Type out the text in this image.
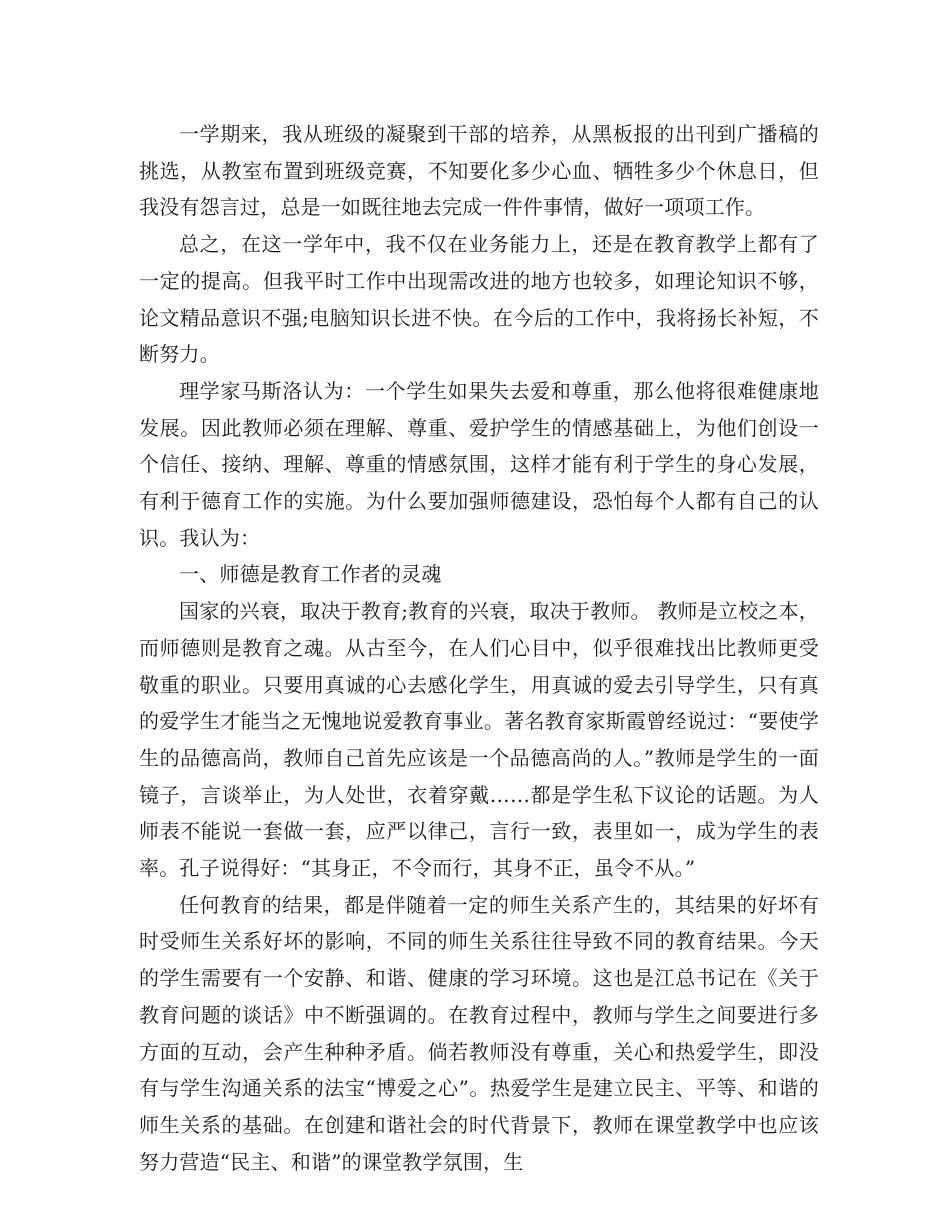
一学期来，我从班级的凝聚到干部的培养，从黑板报的出刊到广播稿的挑选，从教室布置到班级竞赛，不知要化多少心血、牺牲多少个休息日，但我没有怨言过，总是一如既往地去完成一件件事情，做好一项项工作。

总之，在这一学年中，我不仅在业务能力上，还是在教育教学上都有了一定的提高。但我平时工作中出现需改进的地方也较多，如理论知识不够，论文精品意识不强;电脑知识长进不快。在今后的工作中，我将扬长补短，不断努力。

理学家马斯洛认为：一个学生如果失去爱和尊重，那么他将很难健康地发展。因此教师必须在理解、尊重、爱护学生的情感基础上，为他们创设一个信任、接纳、理解、尊重的情感氛围，这样才能有利于学生的身心发展，有利于德育工作的实施。为什么要加强师德建设，恐怕每个人都有自己的认识。我认为：

一、师德是教育工作者的灵魂

国家的兴衰，取决于教育;教育的兴衰，取决于教师。 教师是立校之本，而师德则是教育之魂。从古至今，在人们心目中，似乎很难找出比教师更受敬重的职业。只要用真诚的心去感化学生，用真诚的爱去引导学生，只有真的爱学生才能当之无愧地说爱教育事业。著名教育家斯霞曾经说过：“要使学生的品德高尚，教师自己首先应该是一个品德高尚的人。”教师是学生的一面镜子，言谈举止，为人处世，衣着穿戴……都是学生私下议论的话题。为人师表不能说一套做一套，应严以律己，言行一致，表里如一，成为学生的表率。孔子说得好：“其身正，不令而行，其身不正，虽令不从。”

任何教育的结果，都是伴随着一定的师生关系产生的，其结果的好坏有时受师生关系好坏的影响，不同的师生关系往往导致不同的教育结果。今天的学生需要有一个安静、和谐、健康的学习环境。这也是江总书记在《关于教育问题的谈话》中不断强调的。在教育过程中，教师与学生之间要进行多方面的互动，会产生种种矛盾。倘若教师没有尊重，关心和热爱学生，即没有与学生沟通关系的法宝“博爱之心”。热爱学生是建立民主、平等、和谐的师生关系的基础。在创建和谐社会的时代背景下，教师在课堂教学中也应该努力营造“民主、和谐”的课堂教学氛围，生
